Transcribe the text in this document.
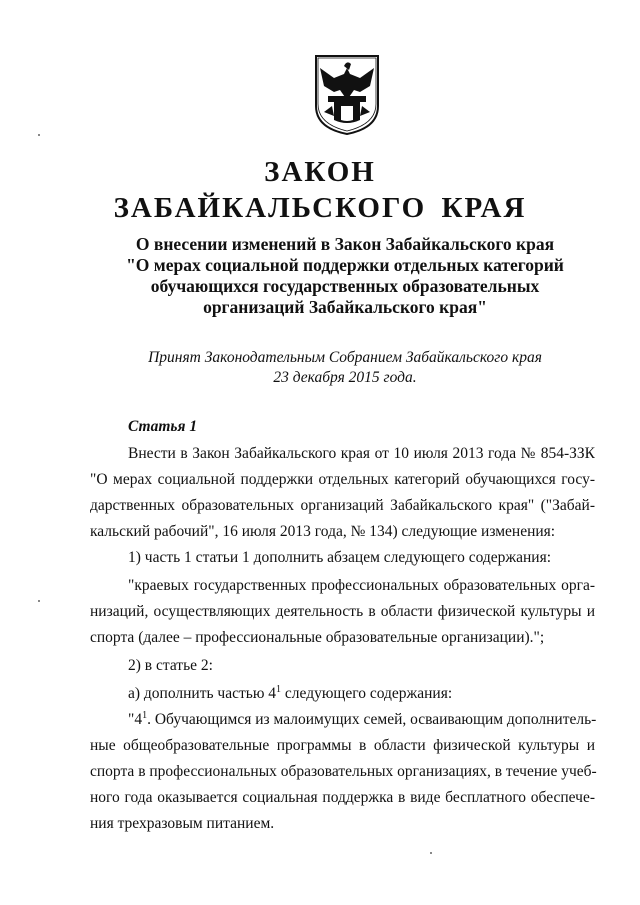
ЗАКОН
ЗАБАЙКАЛЬСКОГО КРАЯ
О внесении изменений в Закон Забайкальского края
"О мерах социальной поддержки отдельных категорий
обучающихся государственных образовательных
организаций Забайкальского края"
Принят Законодательным Собранием Забайкальского края
23 декабря 2015 года.
Статья 1
Внести в Закон Забайкальского края от 10 июля 2013 года № 854-ЗЗК
"О мерах социальной поддержки отдельных категорий обучающихся госу-
дарственных образовательных организаций Забайкальского края" ("Забай-
кальский рабочий", 16 июля 2013 года, № 134) следующие изменения:
1) часть 1 статьи 1 дополнить абзацем следующего содержания:
"краевых государственных профессиональных образовательных орга-
низаций, осуществляющих деятельность в области физической культуры и
спорта (далее – профессиональные образовательные организации).";
2) в статье 2:
а) дополнить частью $4^1$ следующего содержания:
"$4^1$. Обучающимся из малоимущих семей, осваивающим дополнитель-
ные общеобразовательные программы в области физической культуры и
спорта в профессиональных образовательных организациях, в течение учеб-
ного года оказывается социальная поддержка в виде бесплатного обеспече-
ния трехразовым питанием.
